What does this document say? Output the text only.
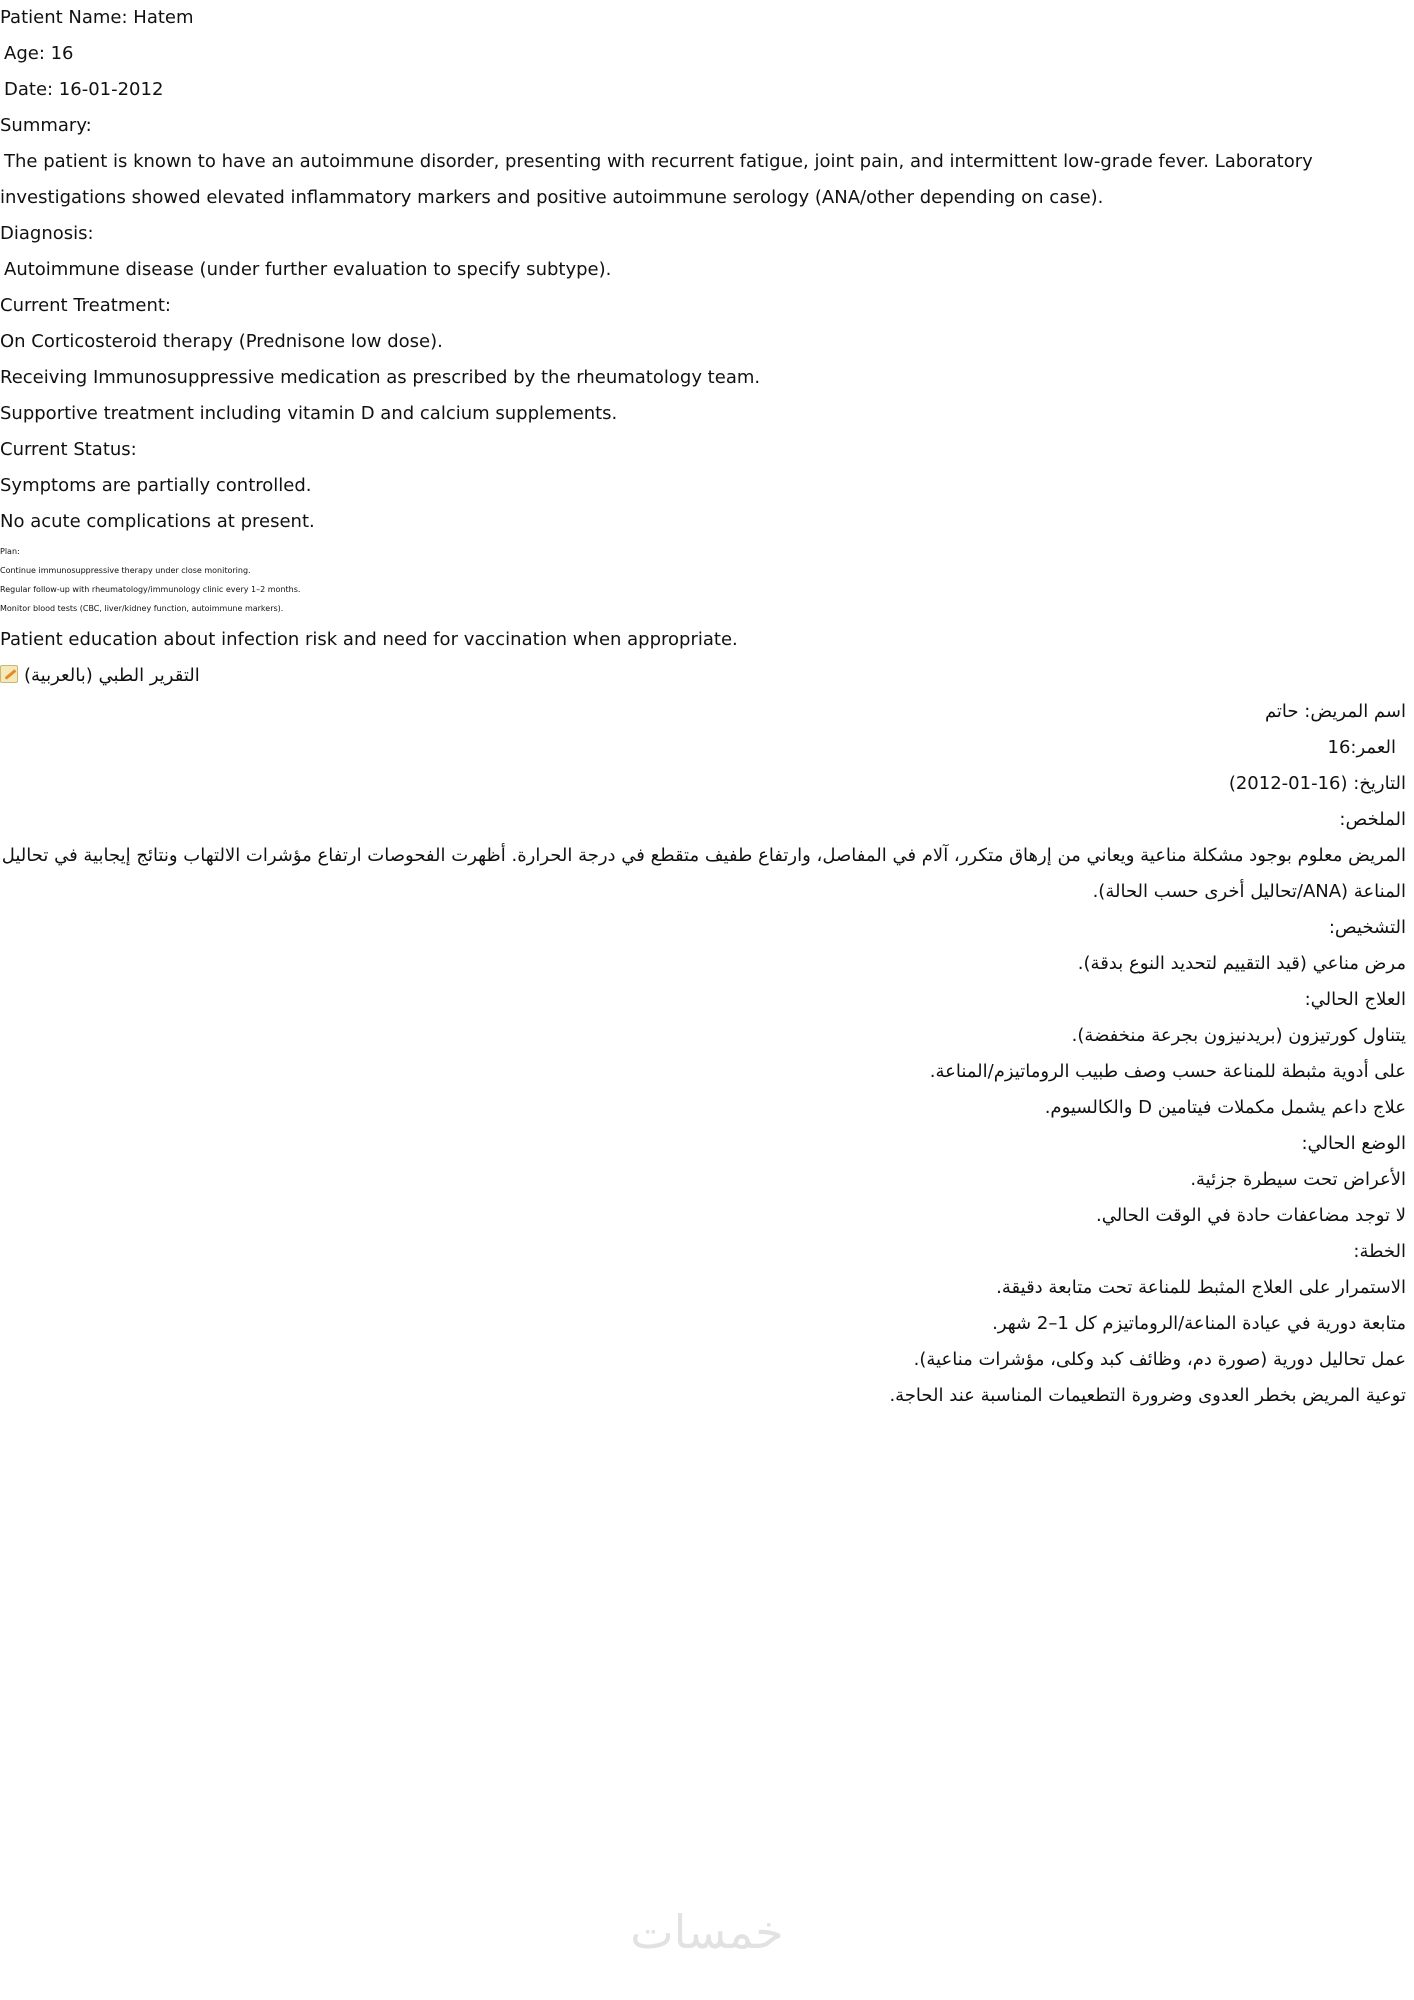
Patient Name: Hatem
Age: 16
Date: 16-01-2012
Summary:
The patient is known to have an autoimmune disorder, presenting with recurrent fatigue, joint pain, and intermittent low-grade fever. Laboratory investigations showed elevated inflammatory markers and positive autoimmune serology (ANA/other depending on case).
Diagnosis:
Autoimmune disease (under further evaluation to specify subtype).
Current Treatment:
On Corticosteroid therapy (Prednisone low dose).
Receiving Immunosuppressive medication as prescribed by the rheumatology team.
Supportive treatment including vitamin D and calcium supplements.
Current Status:
Symptoms are partially controlled.
No acute complications at present.
Plan:
Continue immunosuppressive therapy under close monitoring.
Regular follow-up with rheumatology/immunology clinic every 1–2 months.
Monitor blood tests (CBC, liver/kidney function, autoimmune markers).
Patient education about infection risk and need for vaccination when appropriate.
التقرير الطبي (بالعربية)
اسم المريض: حاتم
العمر:16
التاريخ: (16-01-2012)
الملخص:
المريض معلوم بوجود مشكلة مناعية ويعاني من إرهاق متكرر، آلام في المفاصل، وارتفاع طفيف متقطع في درجة الحرارة. أظهرت الفحوصات ارتفاع مؤشرات الالتهاب ونتائج إيجابية في تحاليل المناعة (ANA/تحاليل أخرى حسب الحالة).
التشخيص:
مرض مناعي (قيد التقييم لتحديد النوع بدقة).
العلاج الحالي:
يتناول كورتيزون (بريدنيزون بجرعة منخفضة).
على أدوية مثبطة للمناعة حسب وصف طبيب الروماتيزم/المناعة.
علاج داعم يشمل مكملات فيتامين D والكالسيوم.
الوضع الحالي:
الأعراض تحت سيطرة جزئية.
لا توجد مضاعفات حادة في الوقت الحالي.
الخطة:
الاستمرار على العلاج المثبط للمناعة تحت متابعة دقيقة.
متابعة دورية في عيادة المناعة/الروماتيزم كل 1–2 شهر.
عمل تحاليل دورية (صورة دم، وظائف كبد وكلى، مؤشرات مناعية).
توعية المريض بخطر العدوى وضرورة التطعيمات المناسبة عند الحاجة.
خمسات
